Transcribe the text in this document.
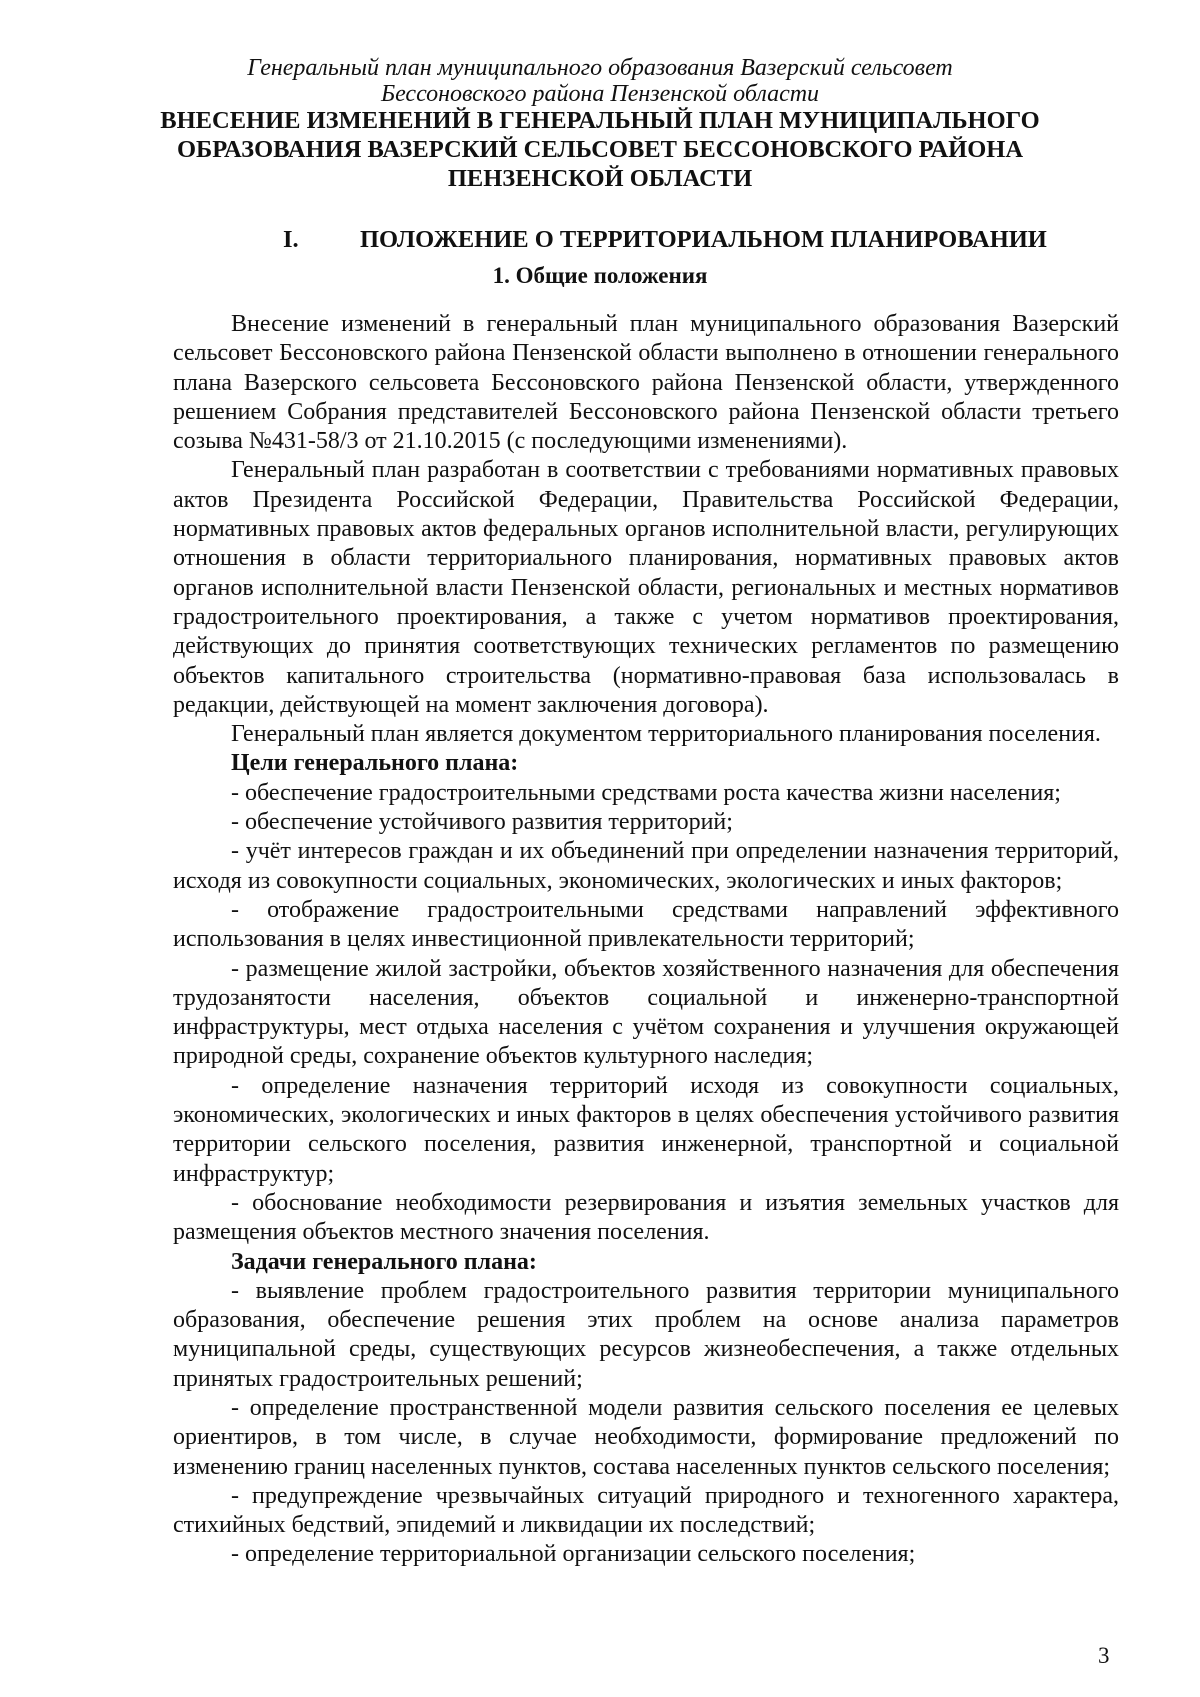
Генеральный план муниципального образования Вазерский сельсовет
Бессоновского района Пензенской области
ВНЕСЕНИЕ ИЗМЕНЕНИЙ В ГЕНЕРАЛЬНЫЙ ПЛАН МУНИЦИПАЛЬНОГО
ОБРАЗОВАНИЯ ВАЗЕРСКИЙ СЕЛЬСОВЕТ БЕССОНОВСКОГО РАЙОНА
ПЕНЗЕНСКОЙ ОБЛАСТИ
I.	ПОЛОЖЕНИЕ О ТЕРРИТОРИАЛЬНОМ ПЛАНИРОВАНИИ
1. Общие положения

Внесение изменений в генеральный план муниципального образования Вазерский сельсовет Бессоновского района Пензенской области выполнено в отношении генерального плана Вазерского сельсовета Бессоновского района Пензенской области, утвержденного решением Собрания представителей Бессоновского района Пензенской области третьего созыва №431-58/3 от 21.10.2015 (с последующими изменениями).

Генеральный план разработан в соответствии с требованиями нормативных правовых актов Президента Российской Федерации, Правительства Российской Федерации, нормативных правовых актов федеральных органов исполнительной власти, регулирующих отношения в области территориального планирования, нормативных правовых актов органов исполнительной власти Пензенской области, региональных и местных нормативов градостроительного проектирования, а также с учетом нормативов проектирования, действующих до принятия соответствующих технических регламентов по размещению объектов капитального строительства (нормативно-правовая база использовалась в редакции, действующей на момент заключения договора).

Генеральный план является документом территориального планирования поселения.

Цели генерального плана:

- обеспечение градостроительными средствами роста качества жизни населения;

- обеспечение устойчивого развития территорий;

- учёт интересов граждан и их объединений при определении назначения территорий, исходя из совокупности социальных, экономических, экологических и иных факторов;

- отображение градостроительными средствами направлений эффективного использования в целях инвестиционной привлекательности территорий;

- размещение жилой застройки, объектов хозяйственного назначения для обеспечения трудозанятости населения, объектов социальной и инженерно-транспортной инфраструктуры, мест отдыха населения с учётом сохранения и улучшения окружающей природной среды, сохранение объектов культурного наследия;

- определение назначения территорий исходя из совокупности социальных, экономических, экологических и иных факторов в целях обеспечения устойчивого развития территории сельского поселения, развития инженерной, транспортной и социальной инфраструктур;

- обоснование необходимости резервирования и изъятия земельных участков для размещения объектов местного значения поселения.

Задачи генерального плана:

- выявление проблем градостроительного развития территории муниципального образования, обеспечение решения этих проблем на основе анализа параметров муниципальной среды, существующих ресурсов жизнеобеспечения, а также отдельных принятых градостроительных решений;

- определение пространственной модели развития сельского поселения ее целевых ориентиров, в том числе, в случае необходимости, формирование предложений по изменению границ населенных пунктов, состава населенных пунктов сельского поселения;

- предупреждение чрезвычайных ситуаций природного и техногенного характера, стихийных бедствий, эпидемий и ликвидации их последствий;

- определение территориальной организации сельского поселения;

3
